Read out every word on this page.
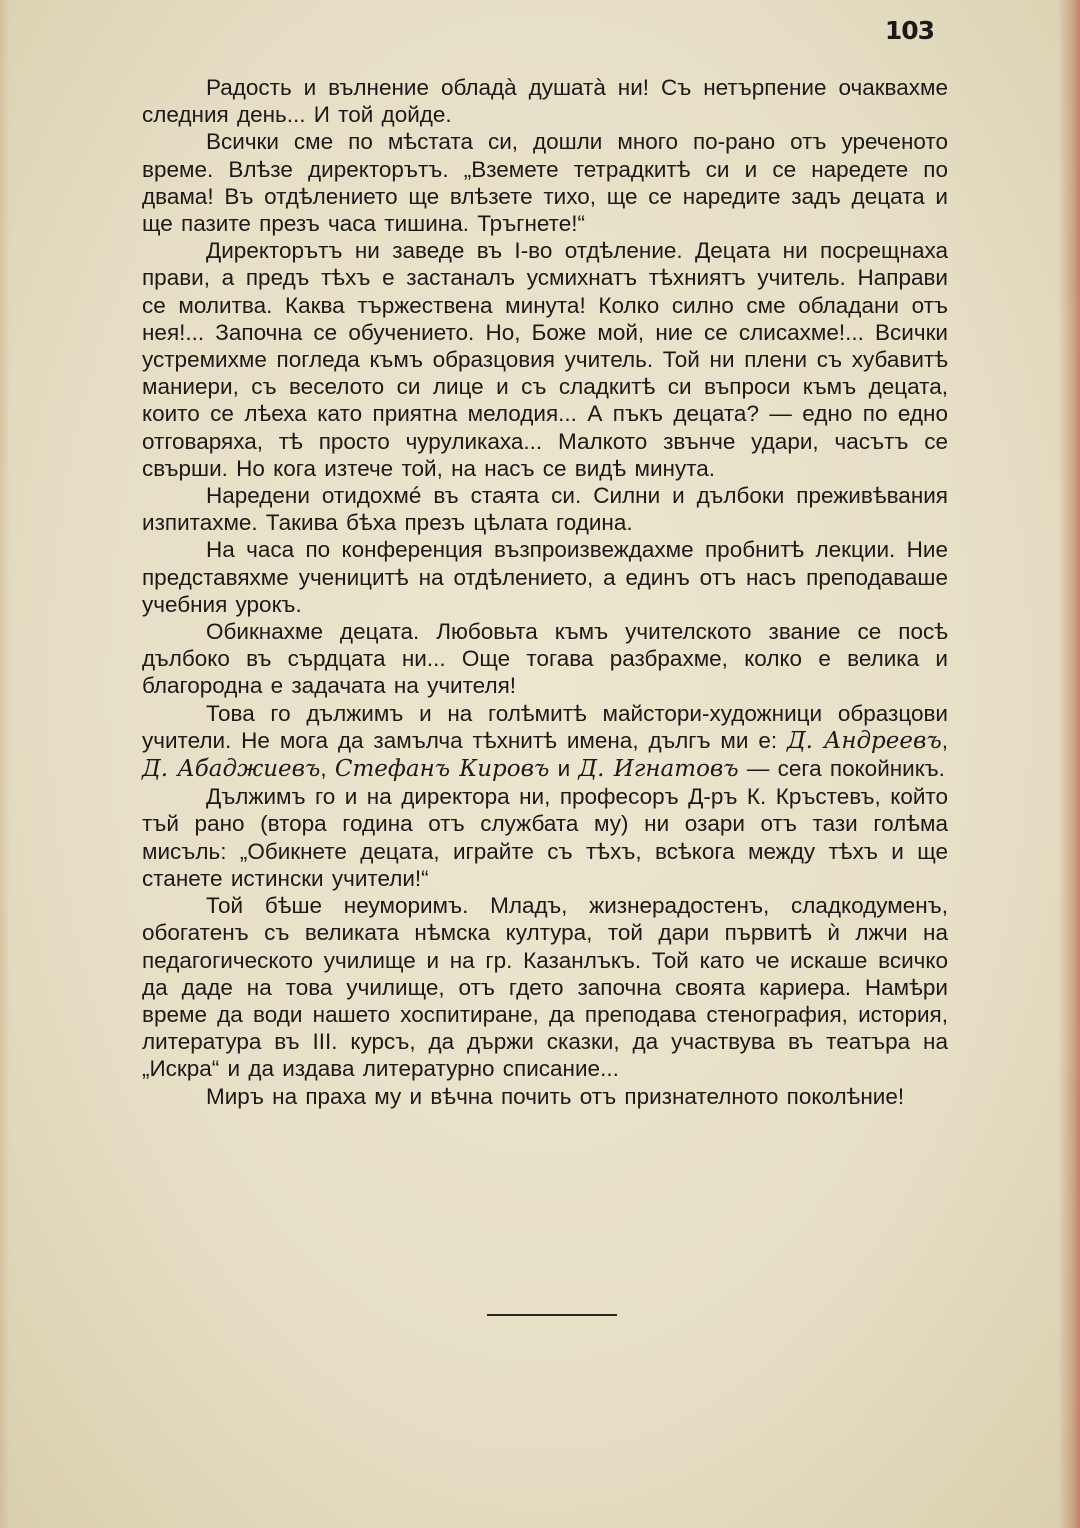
103

Радость и вълнение обладà душатà ни! Съ нетърпение очаквахме следния день... И той дойде.

Всички сме по мѣстата си, дошли много по-рано отъ уреченото време. Влѣзе директорътъ. „Вземете тетрадкитѣ си и се наредете по двама! Въ отдѣлението ще влѣзете тихо, ще се наредите задъ децата и ще пазите презъ часа тишина. Тръгнете!“

Директорътъ ни заведе въ I-во отдѣление. Децата ни посрещнаха прави, а предъ тѣхъ е застаналъ усмихнатъ тѣхниятъ учитель. Направи се молитва. Каква тържествена минута! Колко силно сме обладани отъ нея!... Започна се обучението. Но, Боже мой, ние се слисахме!... Всички устремихме погледа къмъ образцовия учитель. Той ни плени съ хубавитѣ маниери, съ веселото си лице и съ сладкитѣ си въпроси къмъ децата, които се лѣеха като приятна мелодия... А пъкъ децата? — едно по едно отговаряха, тѣ просто чуруликаха... Малкото звънче удари, часътъ се свърши. Но кога изтече той, на насъ се видѣ минута.

Наредени отидохмé въ стаята си. Силни и дълбоки преживѣвания изпитахме. Такива бѣха презъ цѣлата година.

На часа по конференция възпроизвеждахме пробнитѣ лекции. Ние представяхме ученицитѣ на отдѣлението, а единъ отъ насъ преподаваше учебния урокъ.

Обикнахме децата. Любовьта къмъ учителското звание се посѣ дълбоко въ сърдцата ни... Още тогава разбрахме, колко е велика и благородна е задачата на учителя!

Това го дължимъ и на голѣмитѣ майстори-художници образцови учители. Не мога да замълча тѣхнитѣ имена, дългъ ми е: Д. Андреевъ, Д. Абаджиевъ, Стефанъ Кировъ и Д. Игнатовъ — сега покойникъ.

Дължимъ го и на директора ни, професоръ Д-ръ К. Кръстевъ, който тъй рано (втора година отъ службата му) ни озари отъ тази голѣма мисъль: „Обикнете децата, играйте съ тѣхъ, всѣкога между тѣхъ и ще станете истински учители!“

Той бѣше неуморимъ. Младъ, жизнерадостенъ, сладкодуменъ, обогатенъ съ великата нѣмска култура, той дари първитѣ ѝ лжчи на педагогическото училище и на гр. Казанлъкъ. Той като че искаше всичко да даде на това училище, отъ гдето започна своята кариера. Намѣри време да води нашето хоспитиране, да преподава стенография, история, литература въ III. курсъ, да държи сказки, да участвува въ театъра на „Искра“ и да издава литературно списание...

Миръ на праха му и вѣчна почить отъ признателното поколѣние!
